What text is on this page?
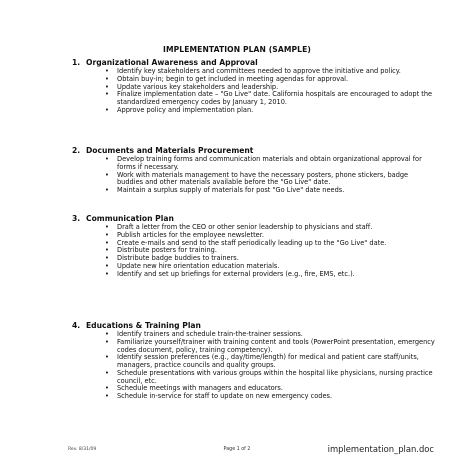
IMPLEMENTATION PLAN (SAMPLE)
1. Organizational Awareness and Approval
• Identify key stakeholders and committees needed to approve the initiative and policy.
• Obtain buy-in; begin to get included in meeting agendas for approval.
• Update various key stakeholders and leadership.
• Finalize implementation date – "Go Live" date. California hospitals are encouraged to adopt the standardized emergency codes by January 1, 2010.
• Approve policy and implementation plan.
2. Documents and Materials Procurement
• Develop training forms and communication materials and obtain organizational approval for forms if necessary.
• Work with materials management to have the necessary posters, phone stickers, badge buddies and other materials available before the "Go Live" date.
• Maintain a surplus supply of materials for post "Go Live" date needs.
3. Communication Plan
• Draft a letter from the CEO or other senior leadership to physicians and staff.
• Publish articles for the employee newsletter.
• Create e-mails and send to the staff periodically leading up to the "Go Live" date.
• Distribute posters for training.
• Distribute badge buddies to trainers.
• Update new hire orientation education materials.
• Identify and set up briefings for external providers (e.g., fire, EMS, etc.).
4. Educations & Training Plan
• Identify trainers and schedule train-the-trainer sessions.
• Familiarize yourself/trainer with training content and tools (PowerPoint presentation, emergency codes document, policy, training competency).
• Identify session preferences (e.g., day/time/length) for medical and patient care staff/units, managers, practice councils and quality groups.
• Schedule presentations with various groups within the hospital like physicians, nursing practice council, etc.
• Schedule meetings with managers and educators.
• Schedule in-service for staff to update on new emergency codes.
Rev. 8/31/09	Page 1 of 2	implementation_plan.doc
